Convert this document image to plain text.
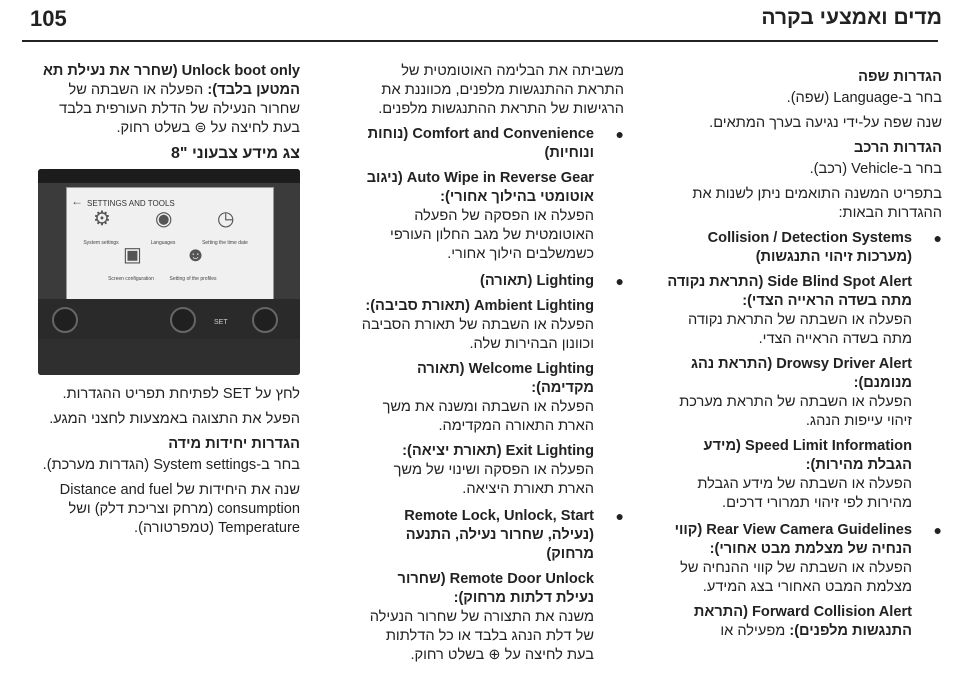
105	מדים ואמצעי בקרה

הגדרות שפה

בחר ב-Language (שפה).

שנה שפה על-ידי נגיעה בערך המתאים.

הגדרות הרכב

בחר ב-Vehicle (רכב).

בתפריט המשנה התואמים ניתן לשנות את ההגדרות הבאות:

● Collision / Detection Systems (מערכות זיהוי התנגשות)

Side Blind Spot Alert (התראת נקודה מתה בשדה הראייה הצדי):

הפעלה או השבתה של התראת נקודה מתה בשדה הראייה הצדי.

Drowsy Driver Alert (התראת נהג מנומנם):

הפעלה או השבתה של התראת מערכת זיהוי עייפות הנהג.

Speed Limit Information (מידע הגבלת מהירות):

הפעלה או השבתה של מידע הגבלת מהירות לפי זיהוי תמרורי דרכים.

● Rear View Camera Guidelines (קווי הנחיה של מצלמת מבט אחורי):

הפעלה או השבתה של קווי ההנחיה של מצלמת המבט האחורי בצג המידע.

Forward Collision Alert (התראת התנגשות מלפנים): מפעילה או

משביתה את הבלימה האוטומטית של התראת ההתנגשות מלפנים, מכווננת את הרגישות של התראת ההתנגשות מלפנים.

● Comfort and Convenience (נוחות ונוחיות)

Auto Wipe in Reverse Gear (ניגוב אוטומטי בהילוך אחורי):

הפעלה או הפסקה של הפעלה האוטומטית של מגב החלון העורפי כשמשלבים הילוך אחורי.

● Lighting (תאורה)

Ambient Lighting (תאורת סביבה):

הפעלה או השבתה של תאורת הסביבה וכוונון הבהירות שלה.

Welcome Lighting (תאורה מקדימה):

הפעלה או השבתה ומשנה את משך הארת התאורה המקדימה.

Exit Lighting (תאורת יציאה):

הפעלה או הפסקה ושינוי של משך הארת תאורת היציאה.

● Remote Lock, Unlock, Start (נעילה, שחרור נעילה, התנעה מרחוק)

Remote Door Unlock (שחרור נעילת דלתות מרחוק):

משנה את התצורה של שחרור הנעילה של דלת הנהג בלבד או כל הדלתות בעת לחיצה על ⊕ בשלט רחוק.

Unlock boot only (שחרר את נעילת תא המטען בלבד): הפעלה או השבתה של שחרור הנעילה של הדלת העורפית בלבד בעת לחיצה על ⊜ בשלט רחוק.

צג מידע צבעוני "8

← SETTINGS AND TOOLS
⚙ ◉ ◷
System settings	Languages	Setting the time date
▣ ☻
Screen configuration	Setting of the profiles
SET

לחץ על SET לפתיחת תפריט ההגדרות.

הפעל את התצוגה באמצעות לחצני המגע.

הגדרות יחידות מידה

בחר ב-System settings (הגדרות מערכת).

שנה את היחידות של Distance and fuel consumption (מרחק וצריכת דלק) ושל Temperature (טמפרטורה).
